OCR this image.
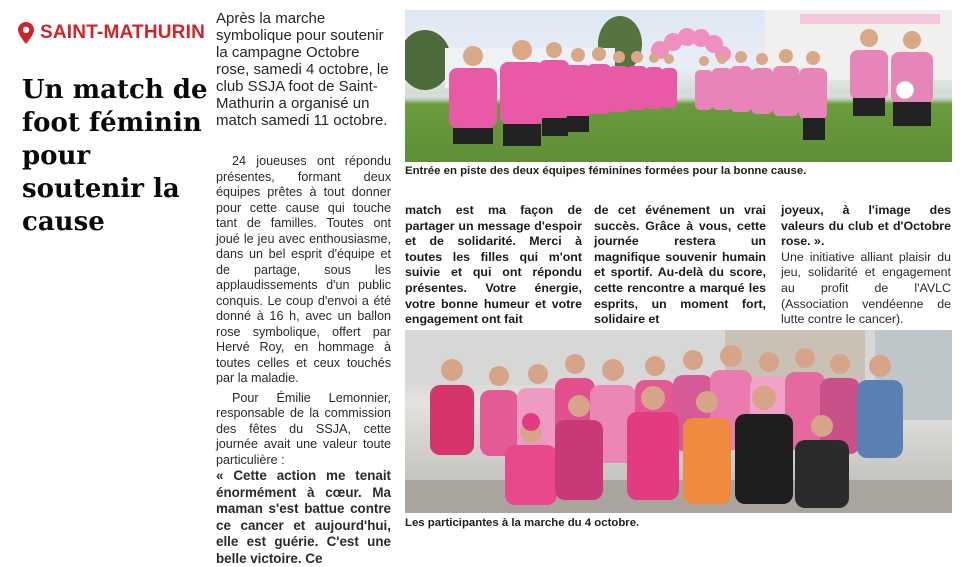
SAINT-MATHURIN
Un match de foot féminin pour soutenir la cause

Après la marche symbolique pour soutenir la campagne Octobre rose, samedi 4 octobre, le club SSJA foot de Saint-Mathurin a organisé un match samedi 11 octobre.

24 joueuses ont répondu présentes, formant deux équipes prêtes à tout donner pour cette cause qui touche tant de familles. Toutes ont joué le jeu avec enthousiasme, dans un bel esprit d'équipe et de partage, sous les applaudissements d'un public conquis. Le coup d'envoi a été donné à 16 h, avec un ballon rose symbolique, offert par Hervé Roy, en hommage à toutes celles et ceux touchés par la maladie.

Pour Émilie Lemonnier, responsable de la commission des fêtes du SSJA, cette journée avait une valeur toute particulière :

« Cette action me tenait énormément à cœur. Ma maman s'est battue contre ce cancer et aujourd'hui, elle est guérie. C'est une belle victoire. Ce

match est ma façon de partager un message d'espoir et de solidarité. Merci à toutes les filles qui m'ont suivie et qui ont répondu présentes. Votre énergie, votre bonne humeur et votre engagement ont fait

de cet événement un vrai succès. Grâce à vous, cette journée restera un magnifique souvenir humain et sportif. Au-delà du score, cette rencontre a marqué les esprits, un moment fort, solidaire et

joyeux, à l'image des valeurs du club et d'Octobre rose. ».

Une initiative alliant plaisir du jeu, solidarité et engagement au profit de l'AVLC (Association vendéenne de lutte contre le cancer).

Entrée en piste des deux équipes féminines formées pour la bonne cause.
Les participantes à la marche du 4 octobre.
